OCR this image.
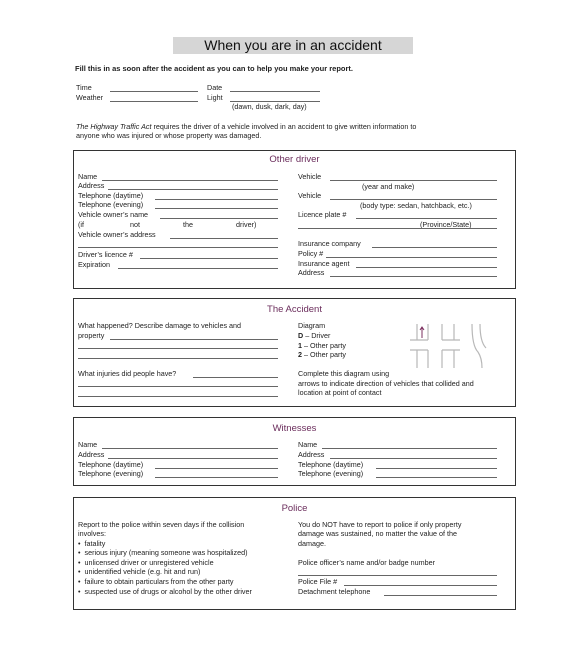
When you are in an accident
Fill this in as soon after the accident as you can to help you make your report.
Time
Weather
Date
Light
(dawn, dusk, dark, day)
The Highway Traffic Act requires the driver of a vehicle involved in an accident to give written information to
anyone who was injured or whose property was damaged.
Other driver
Name
Address
Telephone (daytime)
Telephone (evening)
Vehicle owner’s name
(if	not	the	driver)
Vehicle owner’s address
Driver’s licence #
Expiration
Vehicle
(year and make)
Vehicle
(body type: sedan, hatchback, etc.)
Licence plate #
(Province/State)
Insurance company
Policy #
Insurance agent
Address
The Accident
What happened? Describe damage to vehicles and
property
What injuries did people have?
Diagram
D – Driver
1 – Other party
2 – Other party
Complete this diagram using
arrows to indicate direction of vehicles that collided and
location at point of contact
Witnesses
Name
Address
Telephone (daytime)
Telephone (evening)
Name
Address
Telephone (daytime)
Telephone (evening)
Police
Report to the police within seven days if the collision
involves:
•  fatality
•  serious injury (meaning someone was hospitalized)
•  unlicensed driver or unregistered vehicle
•  unidentified vehicle (e.g. hit and run)
•  failure to obtain particulars from the other party
•  suspected use of drugs or alcohol by the other driver
You do NOT have to report to police if only property
damage was sustained, no matter the value of the
damage.
Police officer’s name and/or badge number
Police File #
Detachment telephone
